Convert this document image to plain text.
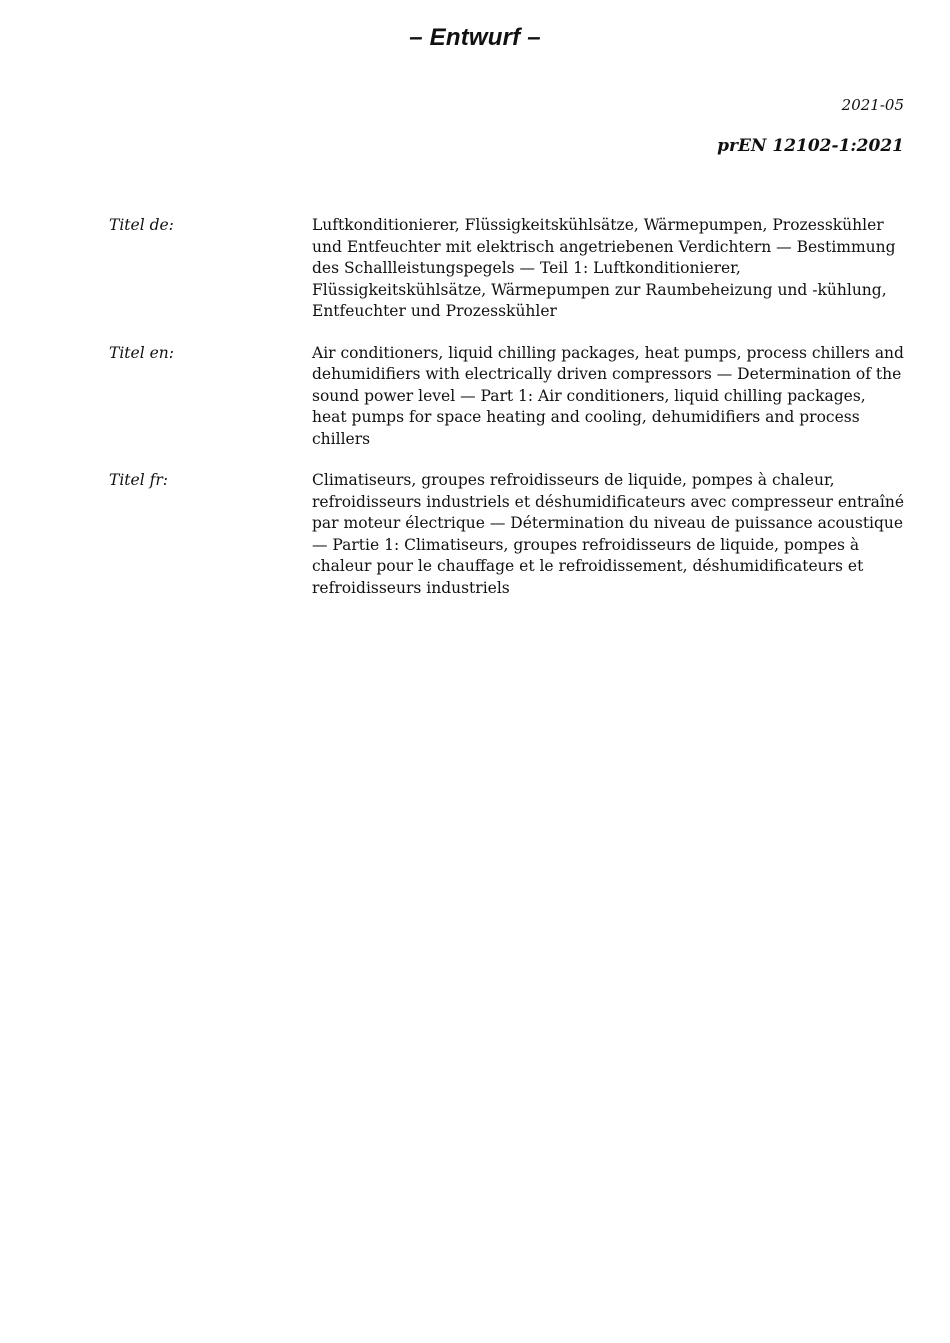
– Entwurf –
2021-05
prEN 12102-1:2021
Titel de:	Luftkonditionierer, Flüssigkeitskühlsätze, Wärmepumpen, Prozesskühler und Entfeuchter mit elektrisch angetriebenen Verdichtern — Bestimmung des Schallleistungspegels — Teil 1: Luftkonditionierer, Flüssigkeitskühlsätze, Wärmepumpen zur Raumbeheizung und -kühlung, Entfeuchter und Prozesskühler
Titel en:	Air conditioners, liquid chilling packages, heat pumps, process chillers and dehumidifiers with electrically driven compressors — Determination of the sound power level — Part 1: Air conditioners, liquid chilling packages, heat pumps for space heating and cooling, dehumidifiers and process chillers
Titel fr:	Climatiseurs, groupes refroidisseurs de liquide, pompes à chaleur, refroidisseurs industriels et déshumidificateurs avec compresseur entraîné par moteur électrique — Détermination du niveau de puissance acoustique — Partie 1: Climatiseurs, groupes refroidisseurs de liquide, pompes à chaleur pour le chauffage et le refroidissement, déshumidificateurs et refroidisseurs industriels
